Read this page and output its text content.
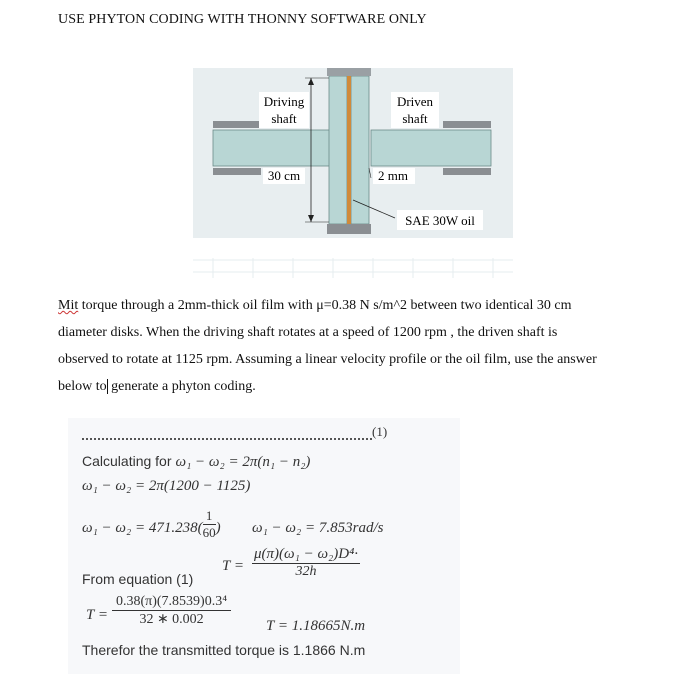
USE PHYTON CODING WITH THONNY SOFTWARE ONLY
Driving
shaft
Driven
shaft
30 cm	2 mm
SAE 30W oil
Mit torque through a 2mm-thick oil film with μ=0.38 N s/m^2 between two identical 30 cm
diameter disks. When the driving shaft rotates at a speed of 1200 rpm , the driven shaft is
observed to rotate at 1125 rpm. Assuming a linear velocity profile or the oil film, use the answer
below to generate a phyton coding.
(1)
Calculating for ω₁ − ω₂ = 2π(n₁ − n₂)
ω₁ − ω₂ = 2π(1200 − 1125)
$\omega_1 - \omega_2 = 471.238( \frac{1}{60}$ ) ω₁ − ω₂ = 7.853rad/s
$T = \frac{\text{μ(π)(ω₁ − ω₂)D⁴·}}{32h}$
From equation (1)
$T = \frac{\text{0.38(π)(7.8539)0.3⁴}}{32 ∗ 0.002}$ T = 1.18665N.m
Therefor the transmitted torque is 1.1866 N.m
